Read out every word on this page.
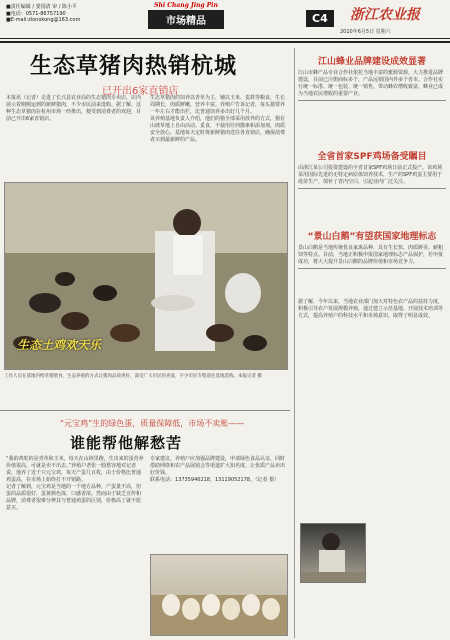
■责任编辑 / 娄国清 审 / 陈小平
■电话：0571-86757190
■E-mail:zlonokong@163.com
Shi Chang Jing Pin
市场精品	C4	浙江农业报
2010年6月5日 星期六
生态草猪肉热销杭城
已开出6家直销店

本报讯（记者）走进了长兴县农业局的生态猪肉专卖店，店内展示着刚刚运到的新鲜猪肉，不少市民前来选购。据了解，这种生态草猪肉在杭州市场一经推出，便受到消费者的欢迎，目前已开出6家直销店。

生态草猪肉的饲养以青草为主，辅以玉米、麦麸等粮食，生长周期长，肉质鲜嫩，营养丰富。养殖户告诉记者，每头猪要养一年左右才能出栏，比普通饲养多出好几个月。

该养殖基地负责人介绍，他们的猪全部采用放养的方式，猪在山坡草地上自由活动、觅食，不使用任何激素和添加剂，肉质安全放心。基地每天定时将新鲜猪肉送往各直销店，确保消费者买到最新鲜的产品。

生态土鸡欢天乐
工作人员在基地内给草猪喂食，生态养殖的方式让猪肉品质更好，深受广大市民的喜爱，不少市民专程前往基地选购。本报记者 摄
“元宝鸡”生的绿色蛋，质量保障低，市场不卖账——
谁能帮他解愁苦

“我的鸡吃的是青草和玉米，每天在山林里跑，生出来的蛋营养价值很高，可就是卖不出去。”养殖户老张一脸愁容地对记者说。他养了近千只元宝鸡，每天产蛋几百枚，由于价格比普通鸡蛋高，在市场上始终打不开销路。

记者了解到，元宝鸡是当地的一个地方品种，产蛋量不高，但蛋的品质很好，蛋黄颜色深，口感香浓。然而由于缺乏宣传和品牌，消费者很难分辨其与普通鸡蛋的区别，价格高了就不愿意买。

专家建议，养殖户应加强品牌建设，申请绿色食品认证，同时借助网络和农产品展销会等渠道扩大知名度，让优质产品卖出好价钱。

联系电话：13735946218，13119052178。（记者 摄）

江山蜂业品牌建设成效显著

江山市蜂产品专业合作社依托当地丰富的蜜源资源，大力推进品牌建设，目前已注册商标多个，产品远销国内外多个省市。合作社实行统一标准、统一包装、统一销售，带动蜂农增收致富，蜂业已成为当地农民增收的重要产业。

全省首家SPF鸡场备受瞩目

由浙江某公司投资建设的全省首家SPF鸡场日前正式投产。该鸡场采用国际先进的无特定病原体饲养技术，生产的SPF鸡蛋主要用于疫苗生产，填补了省内空白，引起业内广泛关注。

“景山白鹅”有望获国家地理标志

景山白鹅是当地传统优良家禽品种，具有生长快、肉质鲜美、耐粗饲等特点。目前，当地正积极申报国家地理标志产品保护，若申报成功，将大大提升景山白鹅的品牌价值和市场竞争力。

据了解，今年以来，当地农业部门加大对特色农产品的扶持力度，积极引导农户发展规模养殖，通过建立示范基地、开展技术培训等方式，提高养殖户的科技水平和市场意识，取得了明显成效。
